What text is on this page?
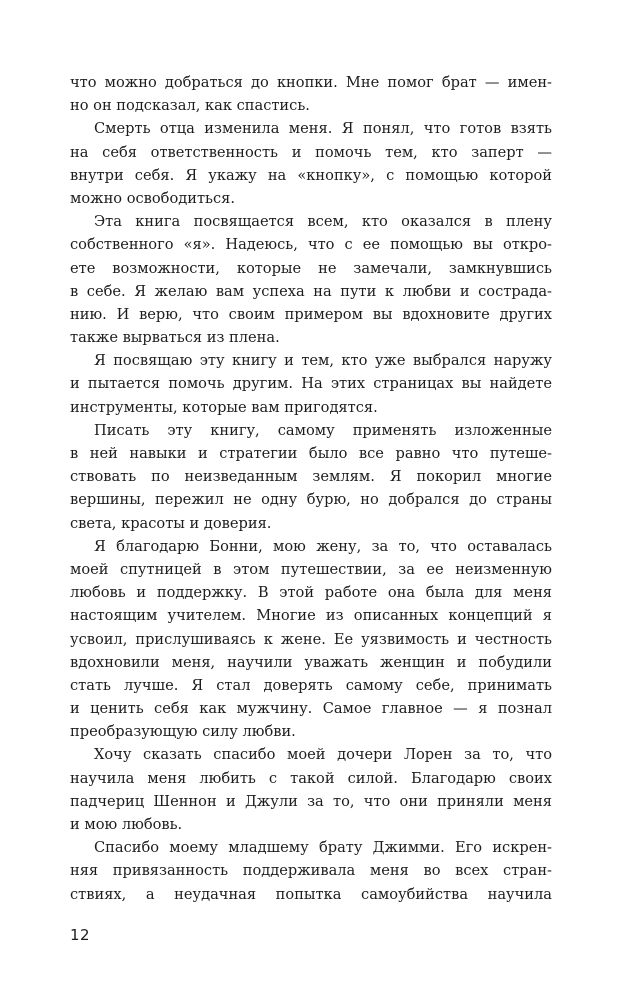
что можно добраться до кнопки. Мне помог брат — имен-
но он подсказал, как спастись.
Смерть отца изменила меня. Я понял, что готов взять
на себя ответственность и помочь тем, кто заперт —
внутри себя. Я укажу на «кнопку», с помощью которой
можно освободиться.
Эта книга посвящается всем, кто оказался в плену
собственного «я». Надеюсь, что с ее помощью вы откро-
ете возможности, которые не замечали, замкнувшись
в себе. Я желаю вам успеха на пути к любви и сострада-
нию. И верю, что своим примером вы вдохновите других
также вырваться из плена.
Я посвящаю эту книгу и тем, кто уже выбрался наружу
и пытается помочь другим. На этих страницах вы найдете
инструменты, которые вам пригодятся.
Писать эту книгу, самому применять изложенные
в ней навыки и стратегии было все равно что путеше-
ствовать по неизведанным землям. Я покорил многие
вершины, пережил не одну бурю, но добрался до страны
света, красоты и доверия.
Я благодарю Бонни, мою жену, за то, что оставалась
моей спутницей в этом путешествии, за ее неизменную
любовь и поддержку. В этой работе она была для меня
настоящим учителем. Многие из описанных концепций я
усвоил, прислушиваясь к жене. Ее уязвимость и честность
вдохновили меня, научили уважать женщин и побудили
стать лучше. Я стал доверять самому себе, принимать
и ценить себя как мужчину. Самое главное — я познал
преобразующую силу любви.
Хочу сказать спасибо моей дочери Лорен за то, что
научила меня любить с такой силой. Благодарю своих
падчериц Шеннон и Джули за то, что они приняли меня
и мою любовь.
Спасибо моему младшему брату Джимми. Его искрен-
няя привязанность поддерживала меня во всех стран-
ствиях, а неудачная попытка самоубийства научила
12
